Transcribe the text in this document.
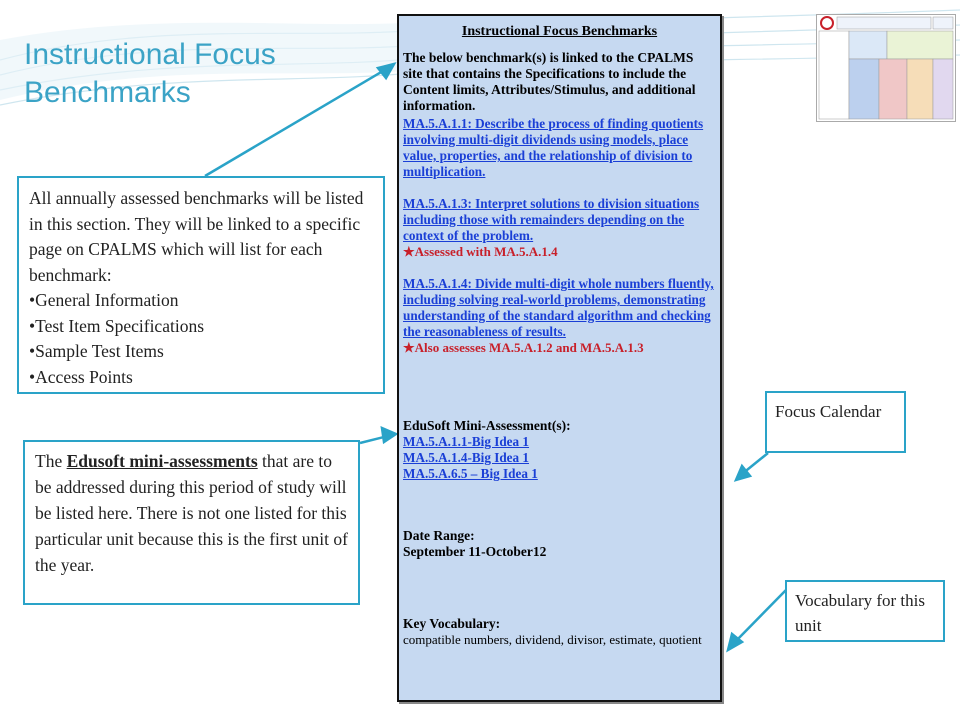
Instructional Focus Benchmarks
All annually assessed benchmarks will be listed in this section. They will be linked to a specific page on CPALMS which will list for each benchmark:
• General Information
• Test Item Specifications
• Sample Test Items
• Access Points
The Edusoft mini-assessments that are to be addressed during this period of study will be listed here. There is not one listed for this particular unit because this is the first unit of the year.
Focus Calendar
Vocabulary for this unit
Instructional Focus Benchmarks
The below benchmark(s) is linked to the CPALMS site that contains the Specifications to include the Content limits, Attributes/Stimulus, and additional information.
MA.5.A.1.1: Describe the process of finding quotients involving multi-digit dividends using models, place value, properties, and the relationship of division to multiplication.
MA.5.A.1.3: Interpret solutions to division situations including those with remainders depending on the context of the problem.
★Assessed with MA.5.A.1.4
MA.5.A.1.4: Divide multi-digit whole numbers fluently, including solving real-world problems, demonstrating understanding of the standard algorithm and checking the reasonableness of results.
★Also assesses MA.5.A.1.2 and MA.5.A.1.3
EduSoft Mini-Assessment(s):
MA.5.A.1.1-Big Idea 1
MA.5.A.1.4-Big Idea 1
MA.5.A.6.5 – Big Idea 1
Date Range:
September 11-October12
Key Vocabulary:
compatible numbers, dividend, divisor, estimate, quotient
